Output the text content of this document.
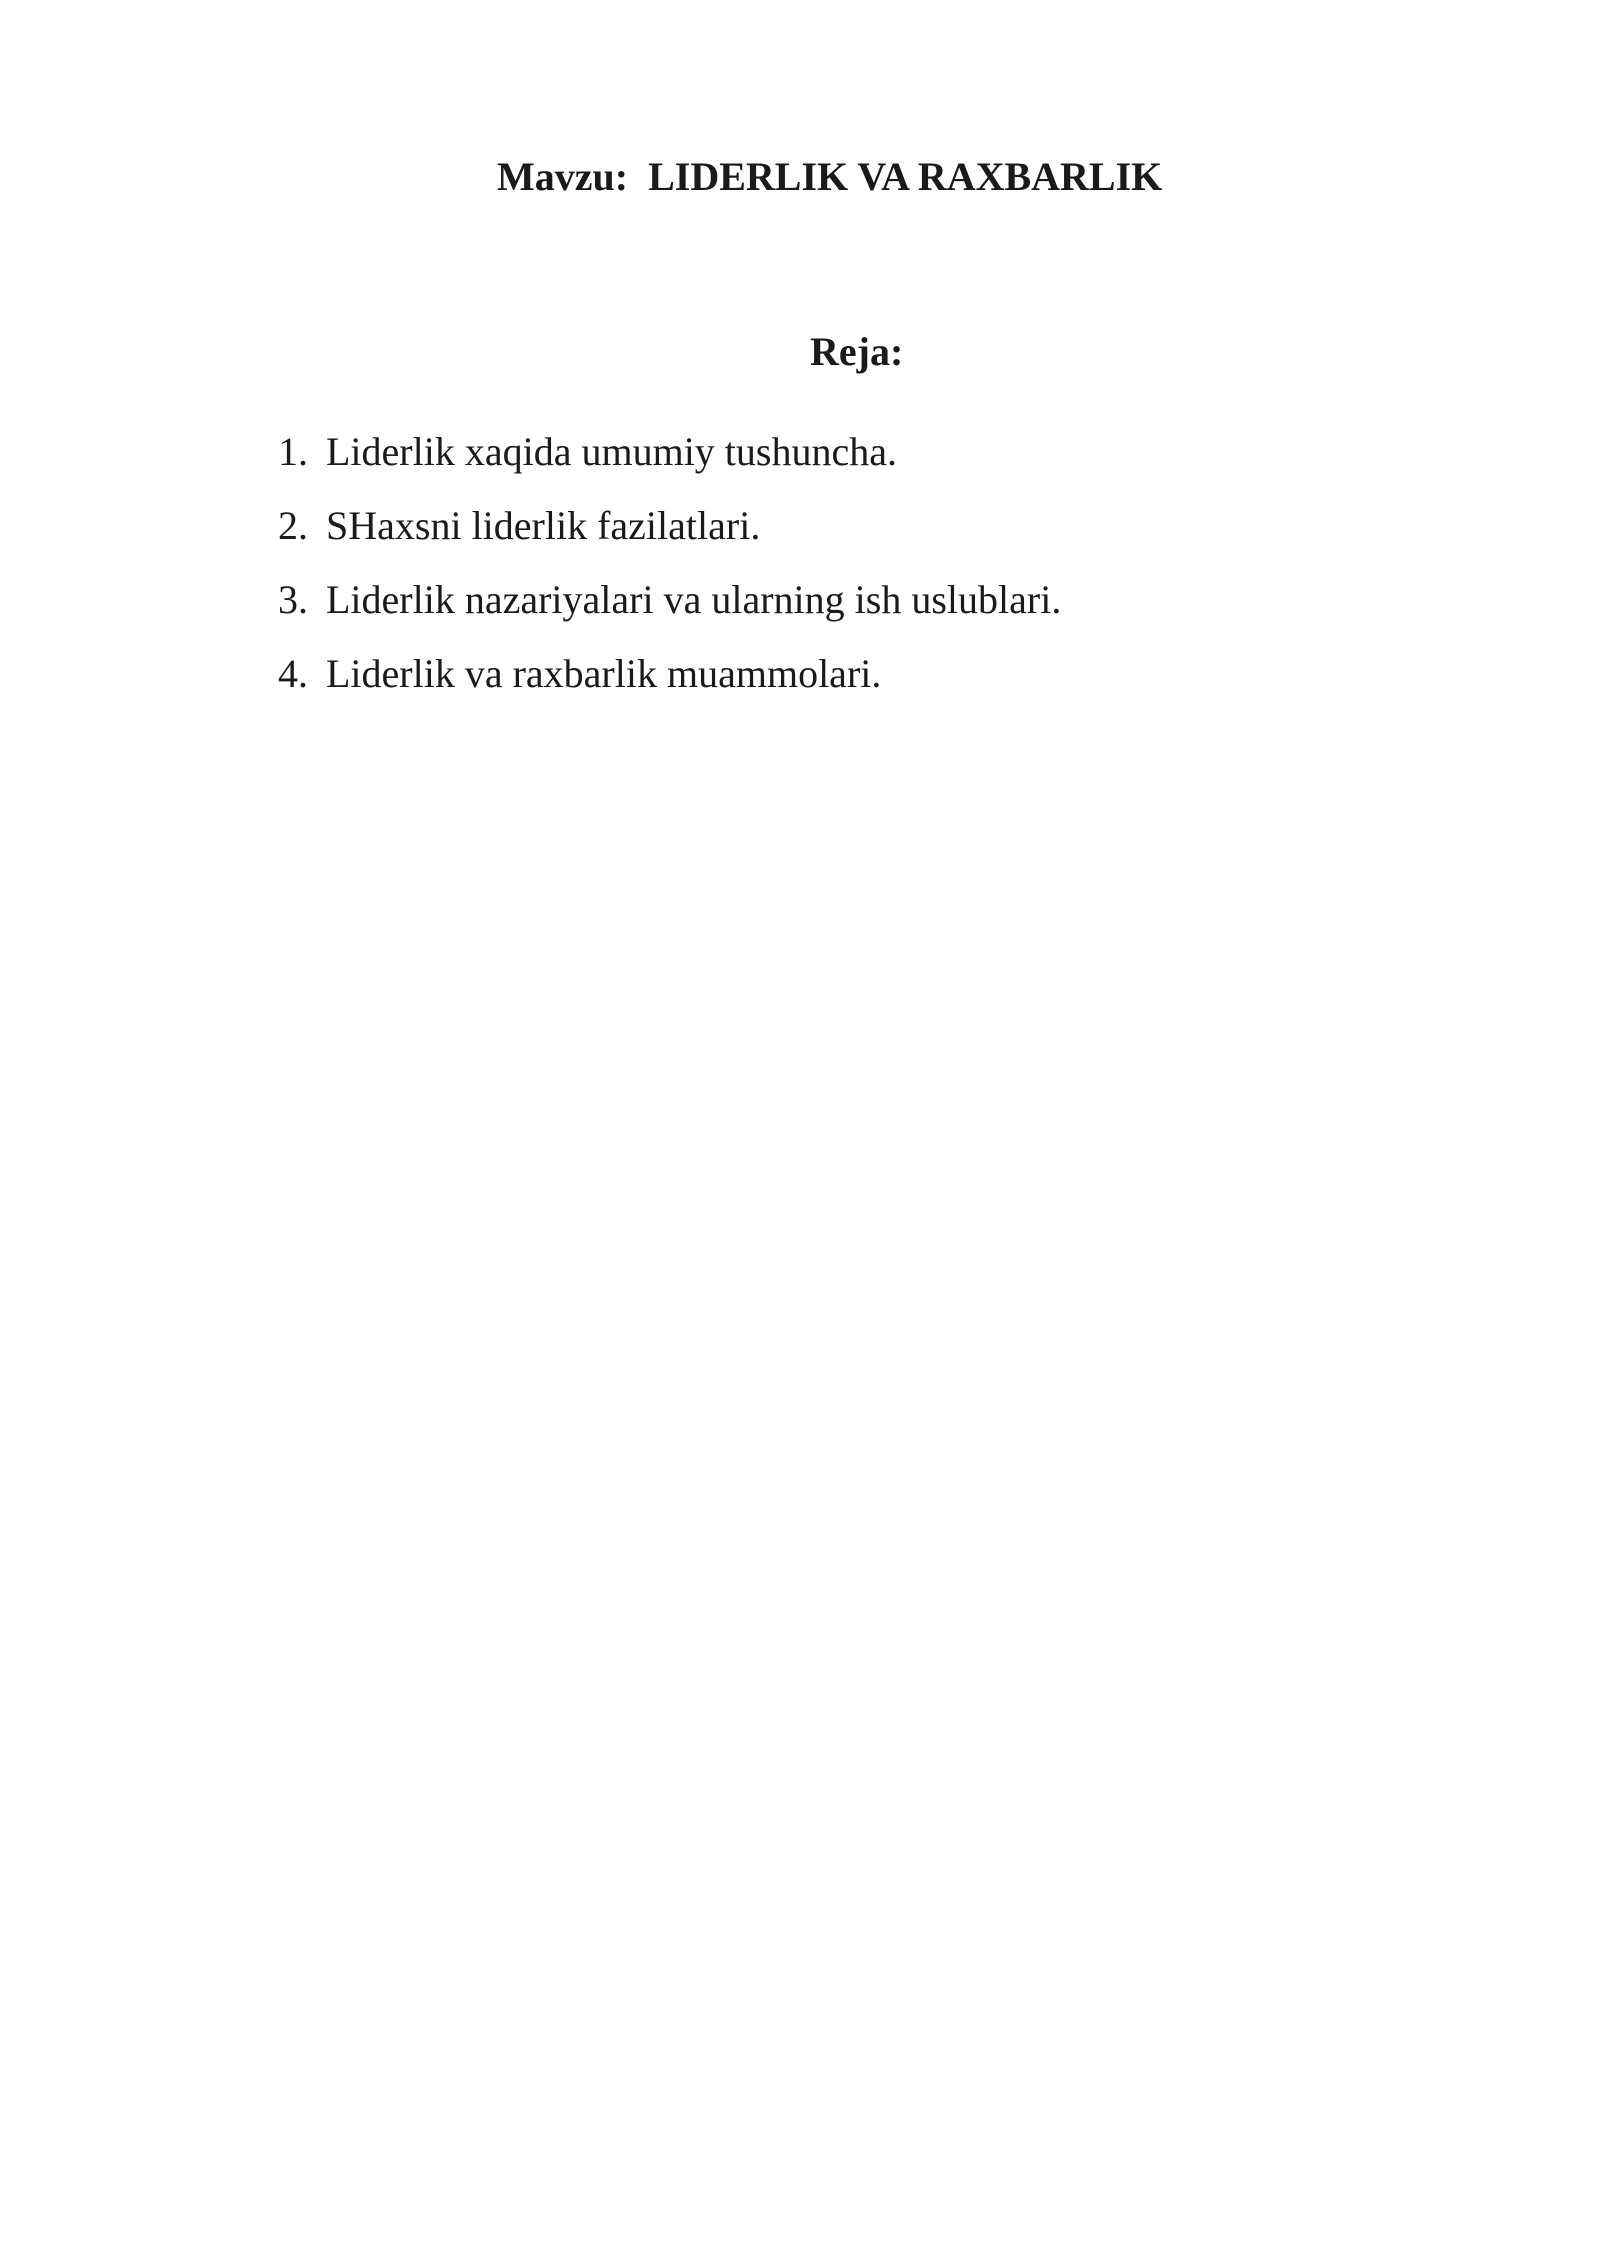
Mavzu:  LIDERLIK VA RAXBARLIK
Reja:
1. Liderlik xaqida umumiy tushuncha.
2. SHaxsni liderlik fazilatlari.
3. Liderlik nazariyalari va ularning ish uslublari.
4. Liderlik va raxbarlik muammolari.
